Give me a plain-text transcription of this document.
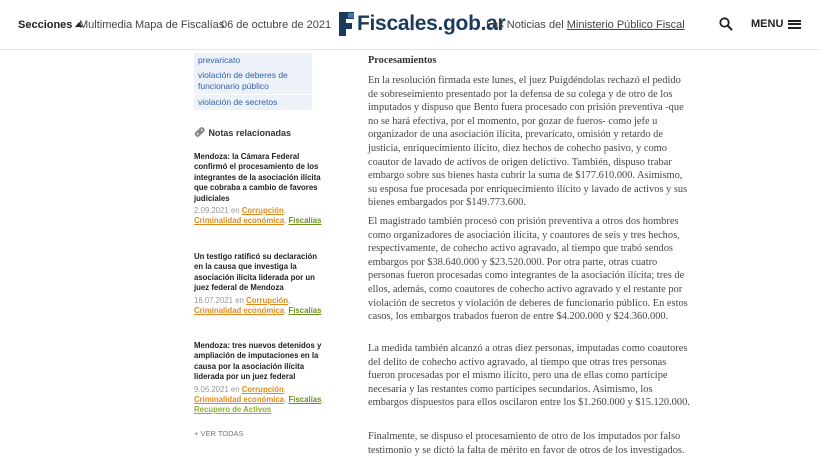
Secciones Multimedia Mapa de Fiscalías
06 de octubre de 2021 Fiscales.gob.ar
Las Noticias del Ministerio Público Fiscal	MENU
prevaricato
violación de deberes de funcionario público
violación de secretos
🔗︎ Notas relacionadas
Mendoza: la Cámara Federal confirmó el procesamiento de los integrantes de la asociación ilícita que cobraba a cambio de favores judiciales
2.09.2021 en Corrupción, Criminalidad económica, Fiscalías
Un testigo ratificó su declaración en la causa que investiga la asociación ilícita liderada por un juez federal de Mendoza
16.07.2021 en Corrupción, Criminalidad económica, Fiscalías
Mendoza: tres nuevos detenidos y ampliación de imputaciones en la causa por la asociación ilícita liderada por un juez federal
9.06.2021 en Corrupción, Criminalidad económica, Fiscalías, Recupero de Activos
+ VER TODAS
Procesamientos
En la resolución firmada este lunes, el juez Puigdéndolas rechazó el pedido de sobreseimiento presentado por la defensa de su colega y de otro de los imputados y dispuso que Bento fuera procesado con prisión preventiva -que no se hará efectiva, por el momento, por gozar de fueros- como jefe u organizador de una asociación ilícita, prevaricato, omisión y retardo de justicia, enriquecimiento ilícito, diez hechos de cohecho pasivo, y como coautor de lavado de activos de origen delictivo. También, dispuso trabar embargo sobre sus bienes hasta cubrir la suma de $177.610.000. Asimismo, su esposa fue procesada por enriquecimiento ilícito y lavado de activos y sus bienes embargados por $149.773.600.
El magistrado también procesó con prisión preventiva a otros dos hombres como organizadores de asociación ilícita, y coautores de seis y tres hechos, respectivamente, de cohecho activo agravado, al tiempo que trabó sendos embargos por $38.640.000 y $23.520.000. Por otra parte, otras cuatro personas fueron procesadas como integrantes de la asociación ilícita; tres de ellos, además, como coautores de cohecho activo agravado y el restante por violación de secretos y violación de deberes de funcionario público. En estos casos, los embargos trabados fueron de entre $4.200.000 y $24.360.000.
La medida también alcanzó a otras diez personas, imputadas como coautores del delito de cohecho activo agravado, al tiempo que otras tres personas fueron procesadas por el mismo ilícito, pero una de ellas como partícipe necesaria y las restantes como partícipes secundarios. Asimismo, los embargos dispuestos para ellos oscilaron entre los $1.260.000 y $15.120.000.
Finalmente, se dispuso el procesamiento de otro de los imputados por falso testimonio y se dictó la falta de mérito en favor de otros de los investigados.
